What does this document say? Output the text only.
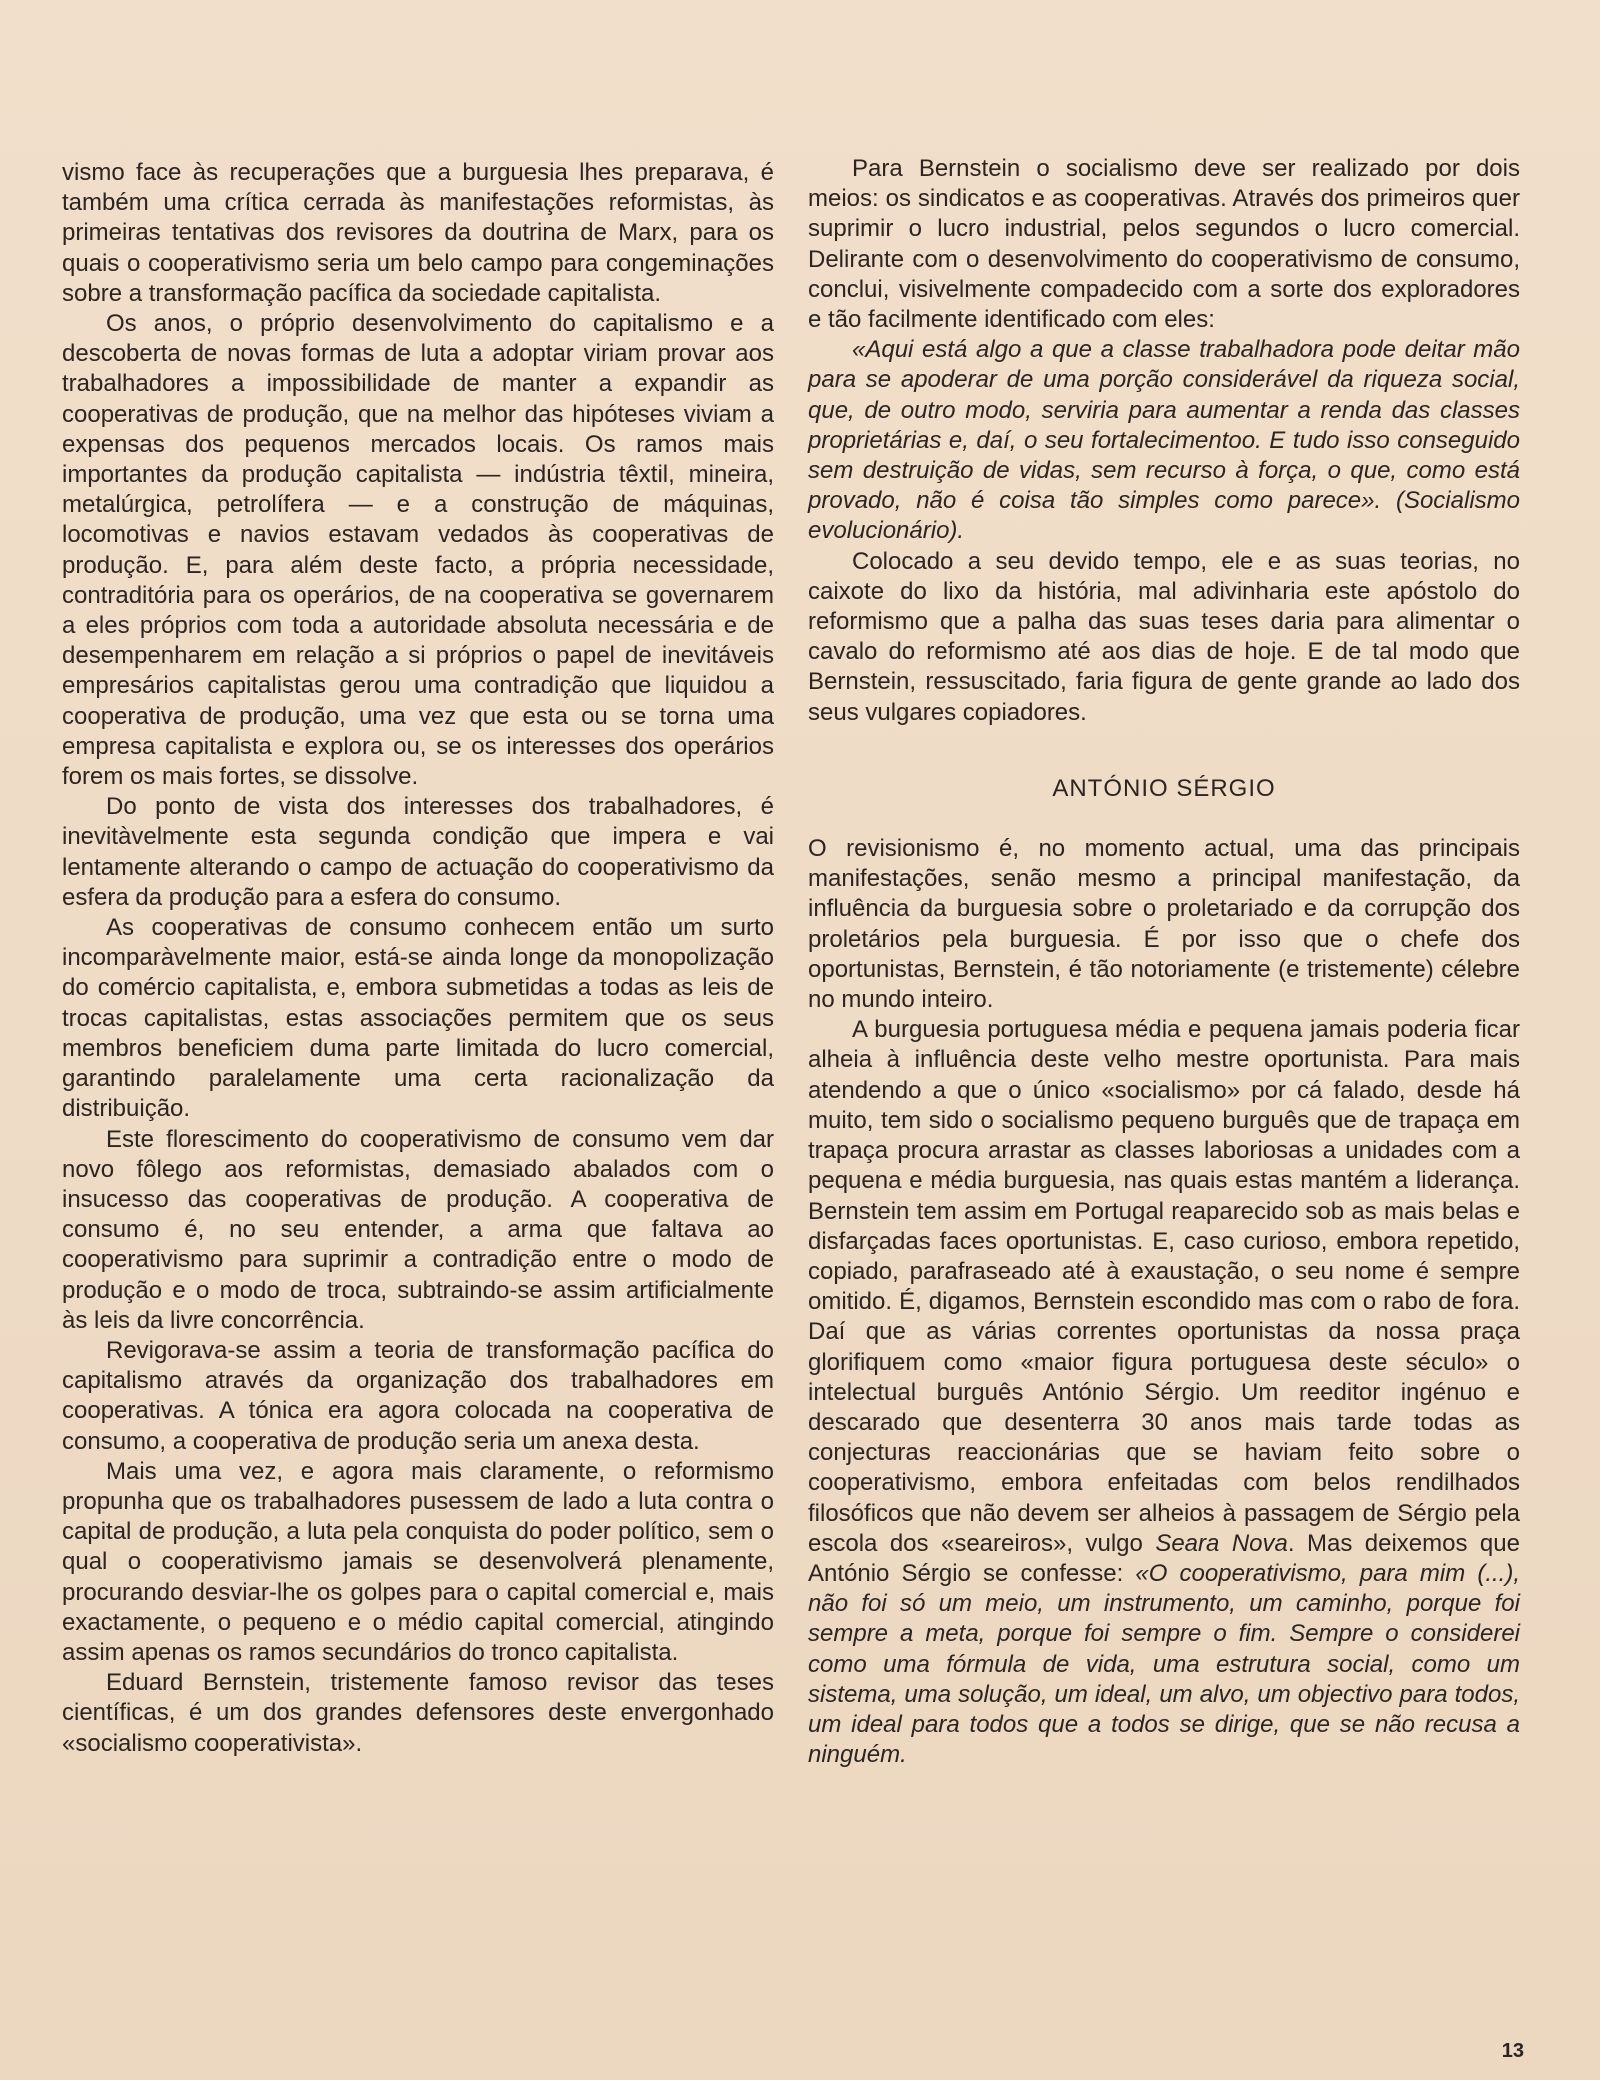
vismo face às recuperações que a burguesia lhes preparava, é também uma crítica cerrada às manifestações reformistas, às primeiras tentativas dos revisores da doutrina de Marx, para os quais o cooperativismo seria um belo campo para congeminações sobre a transformação pacífica da sociedade capitalista.

Os anos, o próprio desenvolvimento do capitalismo e a descoberta de novas formas de luta a adoptar viriam provar aos trabalhadores a impossibilidade de manter a expandir as cooperativas de produção, que na melhor das hipóteses viviam a expensas dos pequenos mercados locais. Os ramos mais importantes da produção capitalista — indústria têxtil, mineira, metalúrgica, petrolífera — e a construção de máquinas, locomotivas e navios estavam vedados às cooperativas de produção. E, para além deste facto, a própria necessidade, contraditória para os operários, de na cooperativa se governarem a eles próprios com toda a autoridade absoluta necessária e de desempenharem em relação a si próprios o papel de inevitáveis empresários capitalistas gerou uma contradição que liquidou a cooperativa de produção, uma vez que esta ou se torna uma empresa capitalista e explora ou, se os interesses dos operários forem os mais fortes, se dissolve.

Do ponto de vista dos interesses dos trabalhadores, é inevitàvelmente esta segunda condição que impera e vai lentamente alterando o campo de actuação do cooperativismo da esfera da produção para a esfera do consumo.

As cooperativas de consumo conhecem então um surto incomparàvelmente maior, está-se ainda longe da monopolização do comércio capitalista, e, embora submetidas a todas as leis de trocas capitalistas, estas associações permitem que os seus membros beneficiem duma parte limitada do lucro comercial, garantindo paralelamente uma certa racionalização da distribuição.

Este florescimento do cooperativismo de consumo vem dar novo fôlego aos reformistas, demasiado abalados com o insucesso das cooperativas de produção. A cooperativa de consumo é, no seu entender, a arma que faltava ao cooperativismo para suprimir a contradição entre o modo de produção e o modo de troca, subtraindo-se assim artificialmente às leis da livre concorrência.

Revigorava-se assim a teoria de transformação pacífica do capitalismo através da organização dos trabalhadores em cooperativas. A tónica era agora colocada na cooperativa de consumo, a cooperativa de produção seria um anexa desta.

Mais uma vez, e agora mais claramente, o reformismo propunha que os trabalhadores pusessem de lado a luta contra o capital de produção, a luta pela conquista do poder político, sem o qual o cooperativismo jamais se desenvolverá plenamente, procurando desviar-lhe os golpes para o capital comercial e, mais exactamente, o pequeno e o médio capital comercial, atingindo assim apenas os ramos secundários do tronco capitalista.

Eduard Bernstein, tristemente famoso revisor das teses científicas, é um dos grandes defensores deste envergonhado «socialismo cooperativista».

Para Bernstein o socialismo deve ser realizado por dois meios: os sindicatos e as cooperativas. Através dos primeiros quer suprimir o lucro industrial, pelos segundos o lucro comercial. Delirante com o desenvolvimento do cooperativismo de consumo, conclui, visivelmente compadecido com a sorte dos exploradores e tão facilmente identificado com eles:

«Aqui está algo a que a classe trabalhadora pode deitar mão para se apoderar de uma porção considerável da riqueza social, que, de outro modo, serviria para aumentar a renda das classes proprietárias e, daí, o seu fortalecimentoo. E tudo isso conseguido sem destruição de vidas, sem recurso à força, o que, como está provado, não é coisa tão simples como parece». (Socialismo evolucionário).

Colocado a seu devido tempo, ele e as suas teorias, no caixote do lixo da história, mal adivinharia este apóstolo do reformismo que a palha das suas teses daria para alimentar o cavalo do reformismo até aos dias de hoje. E de tal modo que Bernstein, ressuscitado, faria figura de gente grande ao lado dos seus vulgares copiadores.

ANTÓNIO SÉRGIO

O revisionismo é, no momento actual, uma das principais manifestações, senão mesmo a principal manifestação, da influência da burguesia sobre o proletariado e da corrupção dos proletários pela burguesia. É por isso que o chefe dos oportunistas, Bernstein, é tão notoriamente (e tristemente) célebre no mundo inteiro.

A burguesia portuguesa média e pequena jamais poderia ficar alheia à influência deste velho mestre oportunista. Para mais atendendo a que o único «socialismo» por cá falado, desde há muito, tem sido o socialismo pequeno burguês que de trapaça em trapaça procura arrastar as classes laboriosas a unidades com a pequena e média burguesia, nas quais estas mantém a liderança. Bernstein tem assim em Portugal reaparecido sob as mais belas e disfarçadas faces oportunistas. E, caso curioso, embora repetido, copiado, parafraseado até à exaustação, o seu nome é sempre omitido. É, digamos, Bernstein escondido mas com o rabo de fora. Daí que as várias correntes oportunistas da nossa praça glorifiquem como «maior figura portuguesa deste século» o intelectual burguês António Sérgio. Um reeditor ingénuo e descarado que desenterra 30 anos mais tarde todas as conjecturas reaccionárias que se haviam feito sobre o cooperativismo, embora enfeitadas com belos rendilhados filosóficos que não devem ser alheios à passagem de Sérgio pela escola dos «seareiros», vulgo Seara Nova. Mas deixemos que António Sérgio se confesse: «O cooperativismo, para mim (...), não foi só um meio, um instrumento, um caminho, porque foi sempre a meta, porque foi sempre o fim. Sempre o considerei como uma fórmula de vida, uma estrutura social, como um sistema, uma solução, um ideal, um alvo, um objectivo para todos, um ideal para todos que a todos se dirige, que se não recusa a ninguém.

13
